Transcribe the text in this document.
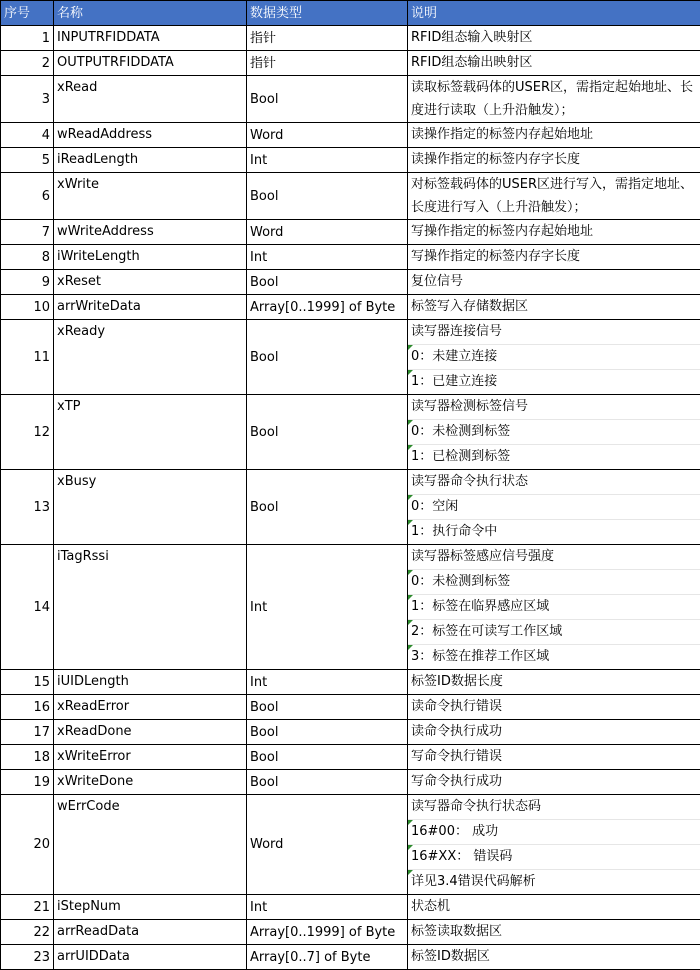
序号	名称	数据类型	说明
1	INPUTRFIDDATA	指针	RFID组态输入映射区

2	OUTPUTRFIDDATA	指针	RFID组态输出映射区

3	xRead	Bool	读取标签载码体的USER区，需指定起始地址、长度进行读取（上升沿触发）；

4	wReadAddress	Word	读操作指定的标签内存起始地址

5	iReadLength	Int	读操作指定的标签内存字长度

6	xWrite	Bool	对标签载码体的USER区进行写入，需指定地址、长度进行写入（上升沿触发）；

7	wWriteAddress	Word	写操作指定的标签内存起始地址

8	iWriteLength	Int	写操作指定的标签内存字长度

9	xReset	Bool	复位信号

10	arrWriteData	Array[0..1999] of Byte	标签写入存储数据区

11	xReady	Bool	读写器连接信号
0：未建立连接
1：已建立连接

12	xTP	Bool	读写器检测标签信号
0：未检测到标签
1：已检测到标签

13	xBusy	Bool	读写器命令执行状态
0：空闲
1：执行命令中

14	iTagRssi	Int	读写器标签感应信号强度
0：未检测到标签
1：标签在临界感应区域
2：标签在可读写工作区域
3：标签在推荐工作区域

15	iUIDLength	Int	标签ID数据长度

16	xReadError	Bool	读命令执行错误

17	xReadDone	Bool	读命令执行成功

18	xWriteError	Bool	写命令执行错误

19	xWriteDone	Bool	写命令执行成功

20	wErrCode	Word	读写器命令执行状态码
16#00： 成功
16#XX： 错误码
详见3.4错误代码解析

21	iStepNum	Int	状态机

22	arrReadData	Array[0..1999] of Byte	标签读取数据区

23	arrUIDData	Array[0..7] of Byte	标签ID数据区
